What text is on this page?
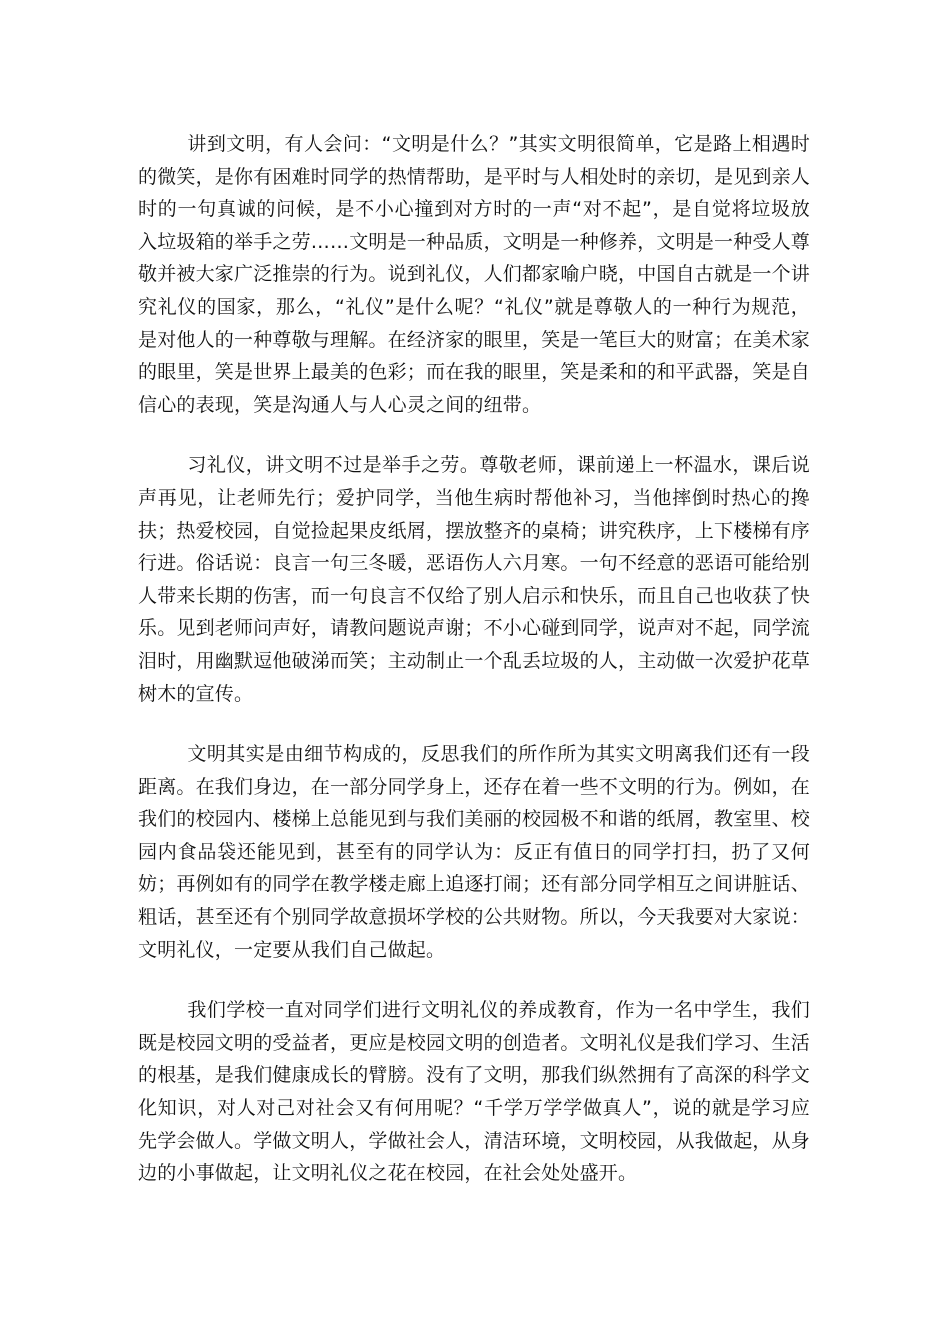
讲到文明，有人会问：“文明是什么？”其实文明很简单，它是路上相遇时的微笑，是你有困难时同学的热情帮助，是平时与人相处时的亲切，是见到亲人时的一句真诚的问候，是不小心撞到对方时的一声“对不起”，是自觉将垃圾放入垃圾箱的举手之劳……文明是一种品质，文明是一种修养，文明是一种受人尊敬并被大家广泛推崇的行为。说到礼仪，人们都家喻户晓，中国自古就是一个讲究礼仪的国家，那么，“礼仪”是什么呢？“礼仪”就是尊敬人的一种行为规范，是对他人的一种尊敬与理解。在经济家的眼里，笑是一笔巨大的财富；在美术家的眼里，笑是世界上最美的色彩；而在我的眼里，笑是柔和的和平武器，笑是自信心的表现，笑是沟通人与人心灵之间的纽带。

习礼仪，讲文明不过是举手之劳。尊敬老师，课前递上一杯温水，课后说声再见，让老师先行；爱护同学，当他生病时帮他补习，当他摔倒时热心的搀扶；热爱校园，自觉捡起果皮纸屑，摆放整齐的桌椅；讲究秩序，上下楼梯有序行进。俗话说：良言一句三冬暖，恶语伤人六月寒。一句不经意的恶语可能给别人带来长期的伤害，而一句良言不仅给了别人启示和快乐，而且自己也收获了快乐。见到老师问声好，请教问题说声谢；不小心碰到同学，说声对不起，同学流泪时，用幽默逗他破涕而笑；主动制止一个乱丢垃圾的人，主动做一次爱护花草树木的宣传。

文明其实是由细节构成的，反思我们的所作所为其实文明离我们还有一段距离。在我们身边，在一部分同学身上，还存在着一些不文明的行为。例如，在我们的校园内、楼梯上总能见到与我们美丽的校园极不和谐的纸屑，教室里、校园内食品袋还能见到，甚至有的同学认为：反正有值日的同学打扫，扔了又何妨；再例如有的同学在教学楼走廊上追逐打闹；还有部分同学相互之间讲脏话、粗话，甚至还有个别同学故意损坏学校的公共财物。所以，今天我要对大家说：文明礼仪，一定要从我们自己做起。

我们学校一直对同学们进行文明礼仪的养成教育，作为一名中学生，我们既是校园文明的受益者，更应是校园文明的创造者。文明礼仪是我们学习、生活的根基，是我们健康成长的臂膀。没有了文明，那我们纵然拥有了高深的科学文化知识，对人对己对社会又有何用呢？“千学万学学做真人”，说的就是学习应先学会做人。学做文明人，学做社会人，清洁环境，文明校园，从我做起，从身边的小事做起，让文明礼仪之花在校园，在社会处处盛开。
